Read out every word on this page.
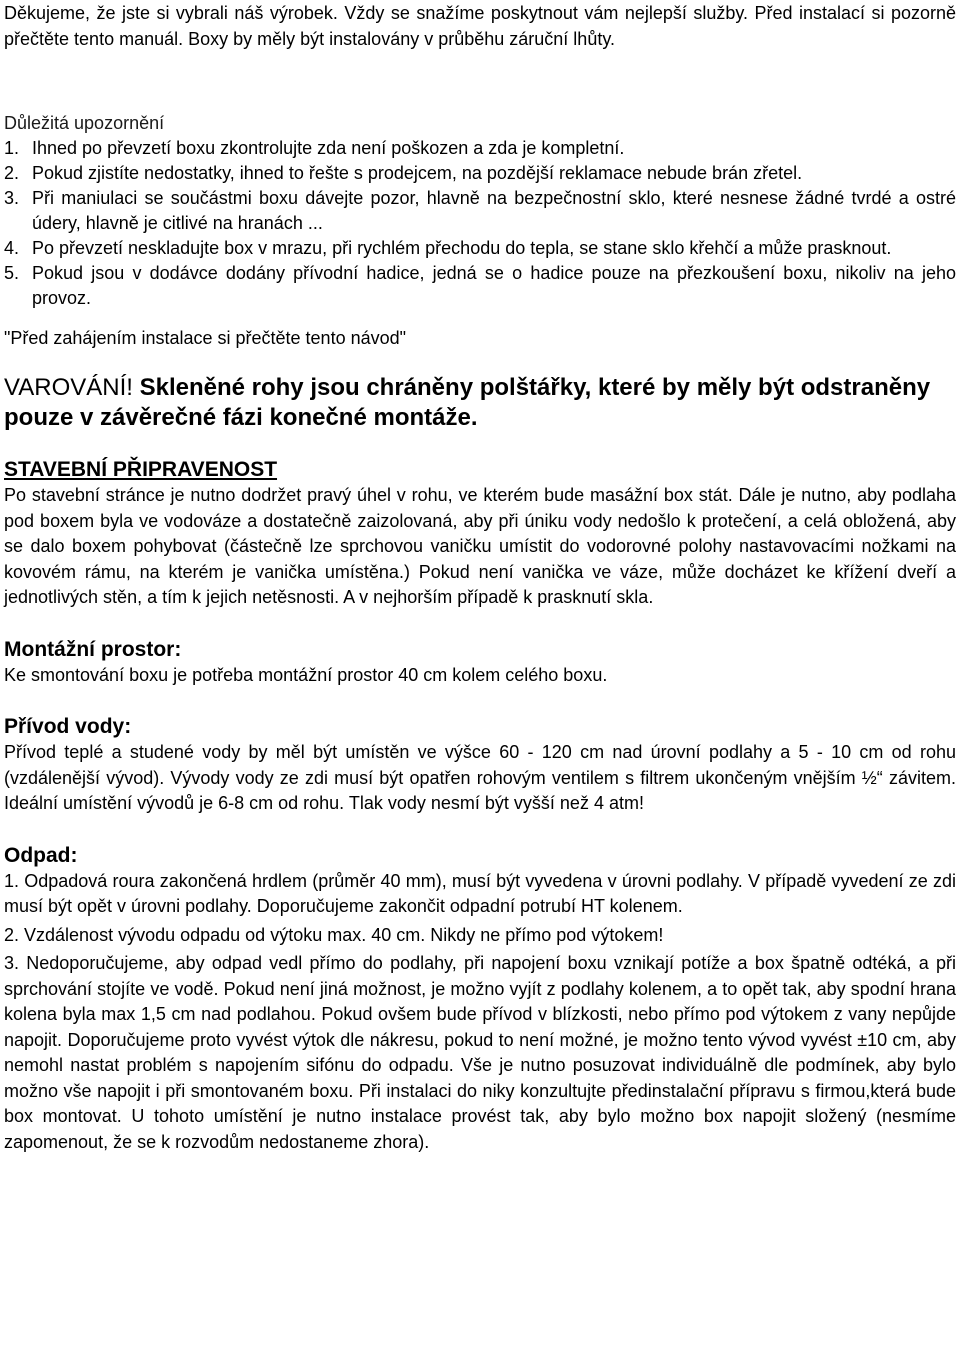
Děkujeme, že jste si vybrali náš výrobek. Vždy se snažíme poskytnout vám nejlepší služby. Před instalací si pozorně přečtěte tento manuál. Boxy by měly být instalovány v průběhu záruční lhůty.

Důležitá upozornění
1. Ihned po převzetí boxu zkontrolujte zda není poškozen a zda je kompletní.
2. Pokud zjistíte nedostatky, ihned to řešte s prodejcem, na pozdější reklamace nebude brán zřetel.
3. Při maniulaci se součástmi boxu dávejte pozor, hlavně na bezpečnostní sklo, které nesnese žádné tvrdé a ostré údery, hlavně je citlivé na hranách ...
4. Po převzetí neskladujte box v mrazu, při rychlém přechodu do tepla, se stane sklo křehčí a může prasknout.
5. Pokud jsou v dodávce dodány přívodní hadice, jedná se o hadice pouze na přezkoušení boxu, nikoliv na jeho provoz.

"Před zahájením instalace si přečtěte tento návod"

VAROVÁNÍ! Skleněné rohy jsou chráněny polštářky, které by měly být odstraněny pouze v závěrečné fázi konečné montáže.

STAVEBNÍ PŘIPRAVENOST

Po stavební stránce je nutno dodržet pravý úhel v rohu, ve kterém bude masážní box stát. Dále je nutno, aby podlaha pod boxem byla ve vodováze a dostatečně zaizolovaná, aby při úniku vody nedošlo k protečení, a celá obložená, aby se dalo boxem pohybovat (částečně lze sprchovou vaničku umístit do vodorovné polohy nastavovacími nožkami na kovovém rámu, na kterém je vanička umístěna.) Pokud není vanička ve váze, může docházet ke křížení dveří a jednotlivých stěn, a tím k jejich netěsnosti. A v nejhorším případě k prasknutí skla.

Montážní prostor:

Ke smontování boxu je potřeba montážní prostor 40 cm kolem celého boxu.

Přívod vody:

Přívod teplé a studené vody by měl být umístěn ve výšce 60 - 120 cm nad úrovní podlahy a 5 - 10 cm od rohu (vzdálenější vývod). Vývody vody ze zdi musí být opatřen rohovým ventilem s filtrem ukončeným vnějším ½“ závitem. Ideální umístění vývodů je 6-8 cm od rohu. Tlak vody nesmí být vyšší než 4 atm!

Odpad:

1. Odpadová roura zakončená hrdlem (průměr 40 mm), musí být vyvedena v úrovni podlahy. V případě vyvedení ze zdi musí být opět v úrovni podlahy. Doporučujeme zakončit odpadní potrubí HT kolenem.

2. Vzdálenost vývodu odpadu od výtoku max. 40 cm. Nikdy ne přímo pod výtokem!

3. Nedoporučujeme, aby odpad vedl přímo do podlahy, při napojení boxu vznikají potíže a box špatně odtéká, a při sprchování stojíte ve vodě. Pokud není jiná možnost, je možno vyjít z podlahy kolenem, a to opět tak, aby spodní hrana kolena byla max 1,5 cm nad podlahou. Pokud ovšem bude přívod v blízkosti, nebo přímo pod výtokem z vany nepůjde napojit. Doporučujeme proto vyvést výtok dle nákresu, pokud to není možné, je možno tento vývod vyvést ±10 cm, aby nemohl nastat problém s napojením sifónu do odpadu. Vše je nutno posuzovat individuálně dle podmínek, aby bylo možno vše napojit i při smontovaném boxu. Při instalaci do niky konzultujte předinstalační přípravu s firmou,která bude box montovat. U tohoto umístění je nutno instalace provést tak, aby bylo možno box napojit složený (nesmíme zapomenout, že se k rozvodům nedostaneme zhora).
